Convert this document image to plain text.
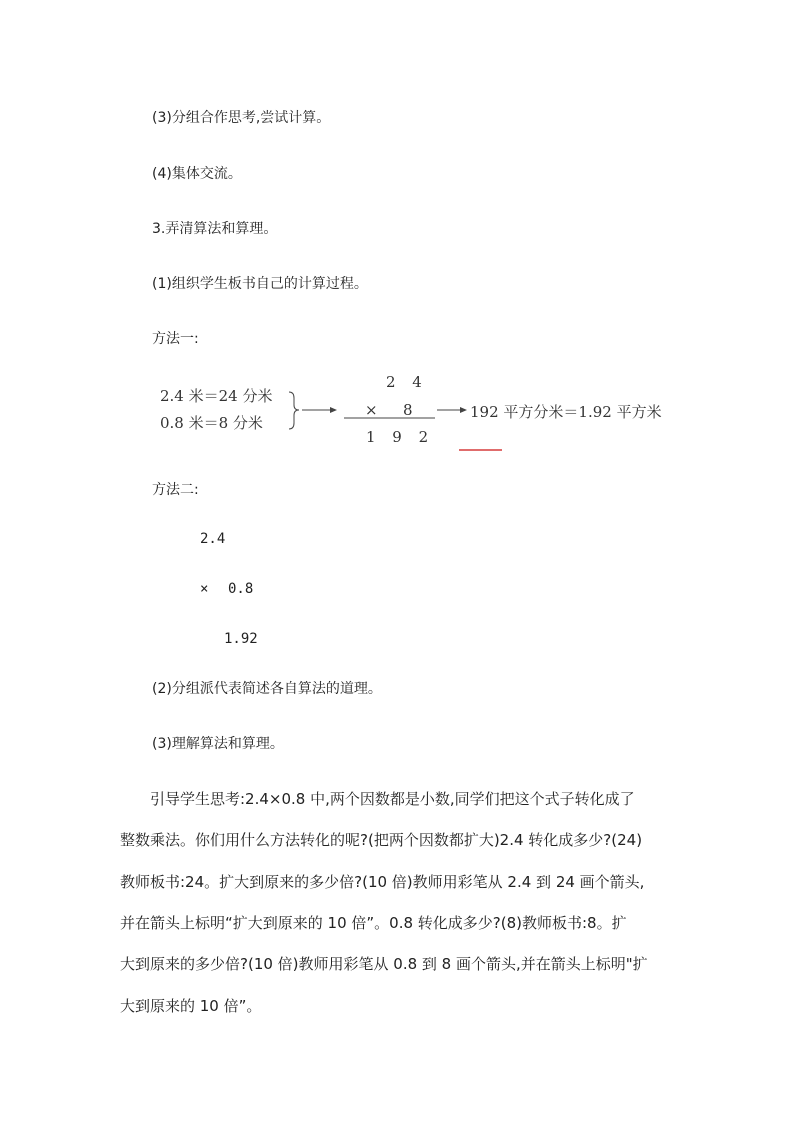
(3)分组合作思考,尝试计算。
(4)集体交流。
3.弄清算法和算理。
(1)组织学生板书自己的计算过程。
方法一:
2.4 米＝24 分米
0.8 米＝8 分米
2 4
× 8
1 9 2
192 平方分米＝1.92 平方米
方法二:
2.4
× 0.8
1.92
(2)分组派代表简述各自算法的道理。
(3)理解算法和算理。
引导学生思考:2.4×0.8 中,两个因数都是小数,同学们把这个式子转化成了
整数乘法。你们用什么方法转化的呢?(把两个因数都扩大)2.4 转化成多少?(24)
教师板书:24。扩大到原来的多少倍?(10 倍)教师用彩笔从 2.4 到 24 画个箭头,
并在箭头上标明“扩大到原来的 10 倍”。0.8 转化成多少?(8)教师板书:8。扩
大到原来的多少倍?(10 倍)教师用彩笔从 0.8 到 8 画个箭头,并在箭头上标明"扩
大到原来的 10 倍”。
